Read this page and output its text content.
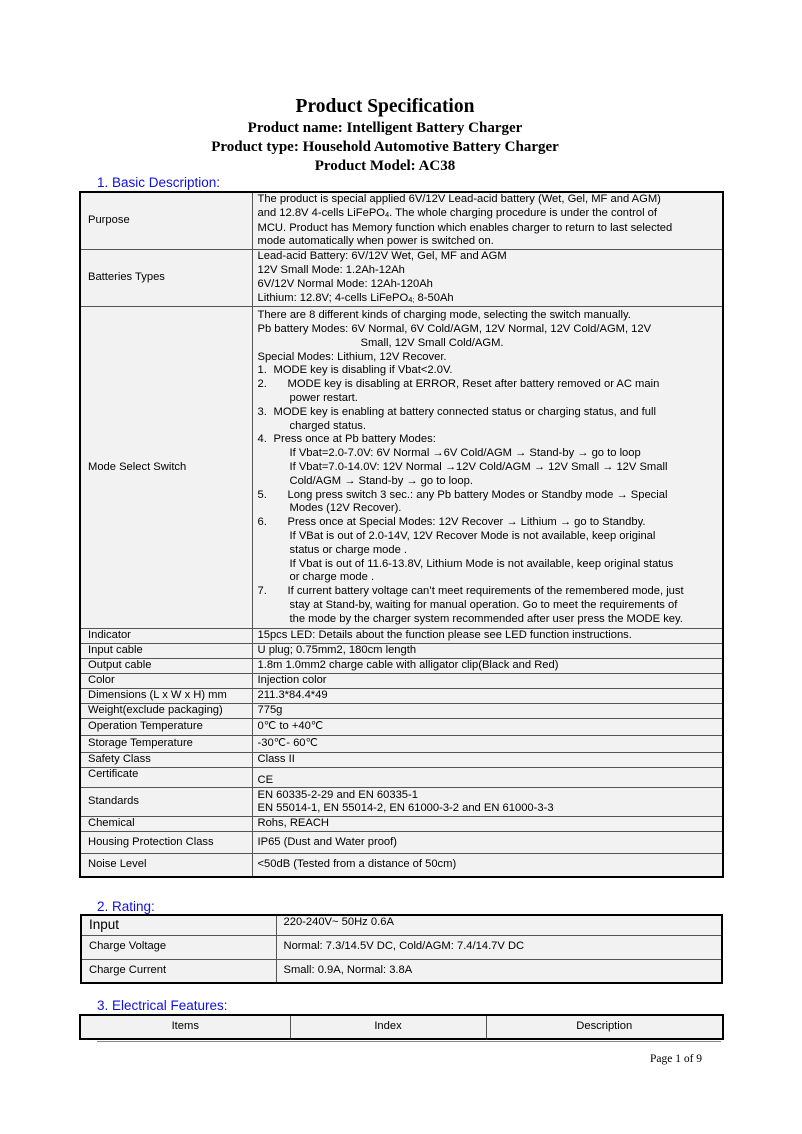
Product Specification
Product name: Intelligent Battery Charger
Product type: Household Automotive Battery Charger
Product Model: AC38
1. Basic Description:
Purpose	The product is special applied 6V/12V Lead-acid battery (Wet, Gel, MF and AGM)
and 12.8V 4-cells LiFePO$_4$. The whole charging procedure is under the control of
MCU. Product has Memory function which enables charger to return to last selected
mode automatically when power is switched on.

Batteries Types	Lead-acid Battery: 6V/12V Wet, Gel, MF and AGM
12V Small Mode: 1.2Ah-12Ah
6V/12V Normal Mode: 12Ah-120Ah
Lithium: 12.8V; 4-cells LiFePO$_{4;}$ 8-50Ah

Mode Select Switch	
There are 8 different kinds of charging mode, selecting the switch manually.
Pb battery Modes: 6V Normal, 6V Cold/AGM, 12V Normal, 12V Cold/AGM, 12V
Small, 12V Small Cold/AGM.
Special Modes: Lithium, 12V Recover.
1. MODE key is disabling if Vbat<2.0V.
2. MODE key is disabling at ERROR, Reset after battery removed or AC main
power restart.
3. MODE key is enabling at battery connected status or charging status, and full
charged status.
4. Press once at Pb battery Modes:
If Vbat=2.0-7.0V: 6V Normal →6V Cold/AGM → Stand-by → go to loop
If Vbat=7.0-14.0V: 12V Normal →12V Cold/AGM → 12V Small → 12V Small
Cold/AGM → Stand-by → go to loop.
5. Long press switch 3 sec.: any Pb battery Modes or Standby mode → Special
Modes (12V Recover).
6. Press once at Special Modes: 12V Recover → Lithium → go to Standby.
If VBat is out of 2.0-14V, 12V Recover Mode is not available, keep original
status or charge mode .
If Vbat is out of 11.6-13.8V, Lithium Mode is not available, keep original status
or charge mode .
7. If current battery voltage can’t meet requirements of the remembered mode, just
stay at Stand-by, waiting for manual operation. Go to meet the requirements of
the mode by the charger system recommended after user press the MODE key.

Indicator	15pcs LED: Details about the function please see LED function instructions.
Input cable	U plug; 0.75mm2, 180cm length
Output cable	1.8m 1.0mm2 charge cable with alligator clip(Black and Red)
Color	Injection color
Dimensions (L x W x H) mm	211.3*84.4*49
Weight(exclude packaging)	775g
Operation Temperature	0℃ to +40℃
Storage Temperature	-30℃- 60℃
Safety Class	Class II
Certificate	CE
Standards	EN 60335-2-29 and EN 60335-1
EN 55014-1, EN 55014-2, EN 61000-3-2 and EN 61000-3-3

Chemical	Rohs, REACH
Housing Protection Class	IP65 (Dust and Water proof)
Noise Level	<50dB (Tested from a distance of 50cm)
2. Rating:
Input	220-240V~ 50Hz 0.6A
Charge Voltage	Normal: 7.3/14.5V DC, Cold/AGM: 7.4/14.7V DC
Charge Current	Small: 0.9A, Normal: 3.8A
3. Electrical Features:
Items	Index	Description
Page 1 of 9
